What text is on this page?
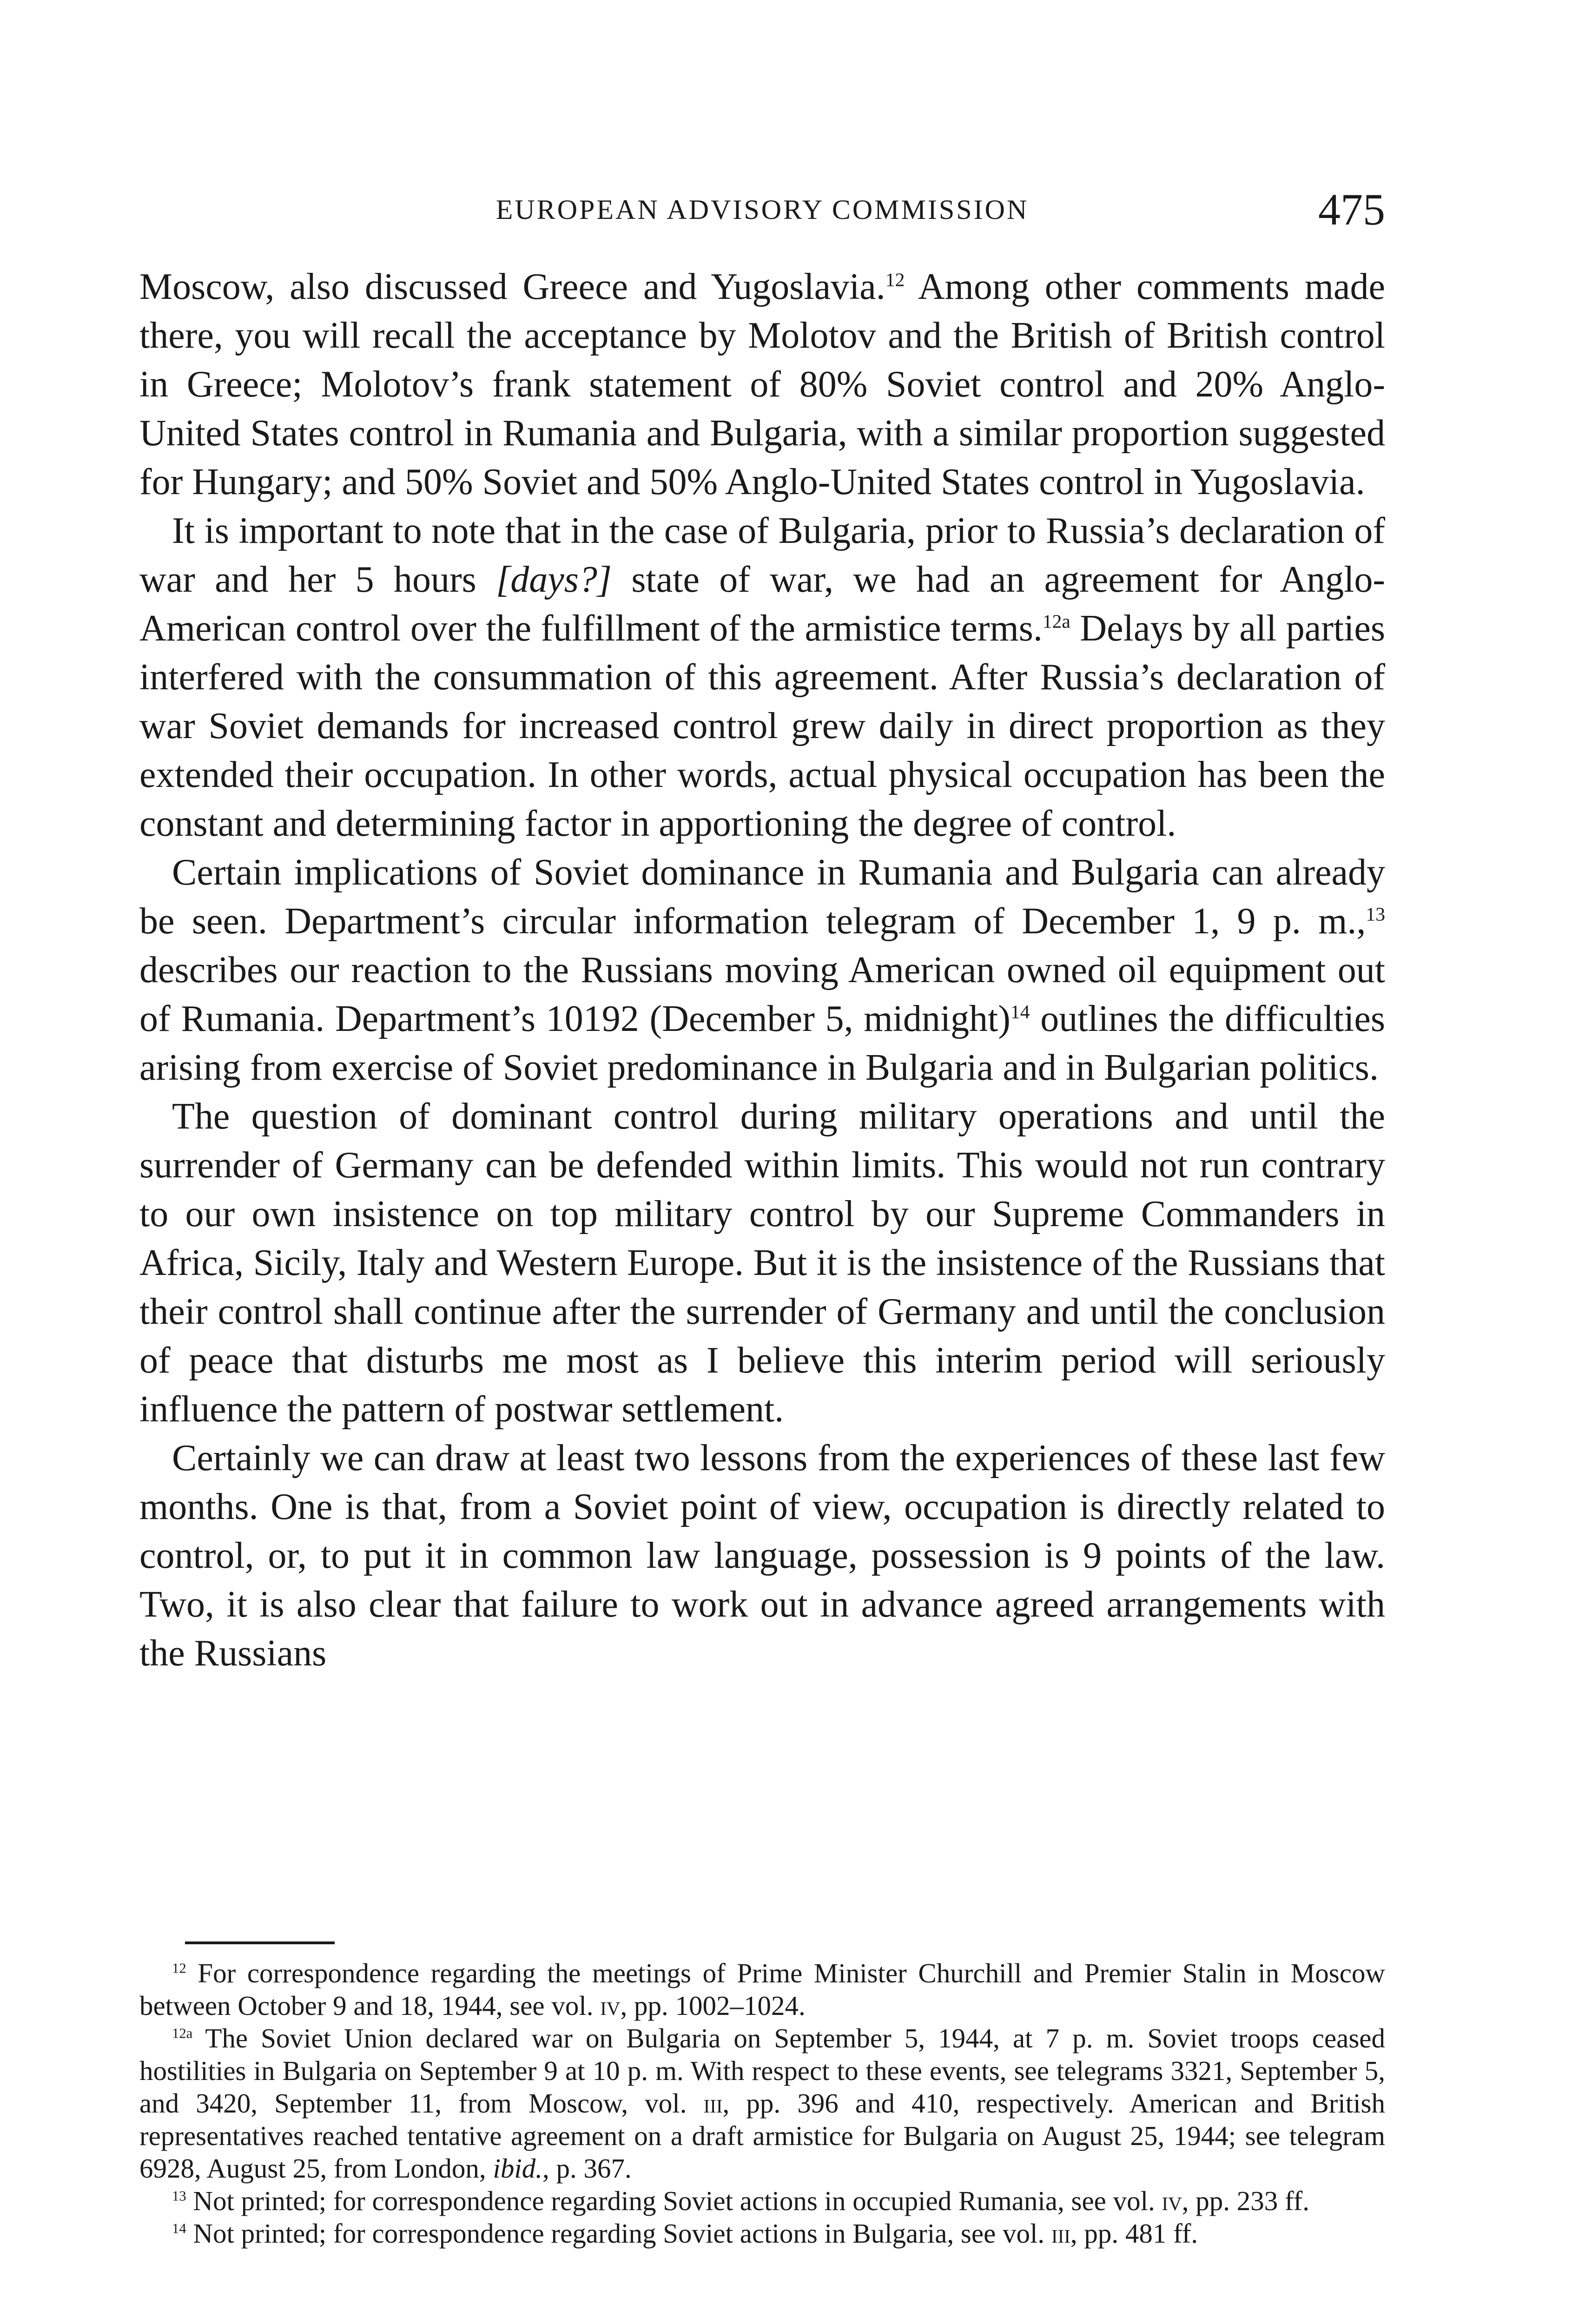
EUROPEAN ADVISORY COMMISSION	475

Moscow, also discussed Greece and Yugoslavia.$^{12}$ Among other comments made there, you will recall the acceptance by Molotov and the British of British control in Greece; Molotov’s frank statement of 80% Soviet control and 20% Anglo-United States control in Rumania and Bulgaria, with a similar proportion suggested for Hungary; and 50% Soviet and 50% Anglo-United States control in Yugoslavia.

It is important to note that in the case of Bulgaria, prior to Russia’s declaration of war and her 5 hours [days?] state of war, we had an agreement for Anglo-American control over the fulfillment of the armistice terms.$^{12a}$ Delays by all parties interfered with the consummation of this agreement. After Russia’s declaration of war Soviet demands for increased control grew daily in direct proportion as they extended their occupation. In other words, actual physical occupation has been the constant and determining factor in apportioning the degree of control.

Certain implications of Soviet dominance in Rumania and Bulgaria can already be seen. Department’s circular information telegram of December 1, 9 p. m.,$^{13}$ describes our reaction to the Russians moving American owned oil equipment out of Rumania. Department’s 10192 (December 5, midnight)$^{14}$ outlines the difficulties arising from exercise of Soviet predominance in Bulgaria and in Bulgarian politics.

The question of dominant control during military operations and until the surrender of Germany can be defended within limits. This would not run contrary to our own insistence on top military control by our Supreme Commanders in Africa, Sicily, Italy and Western Europe. But it is the insistence of the Russians that their control shall continue after the surrender of Germany and until the conclusion of peace that disturbs me most as I believe this interim period will seriously influence the pattern of postwar settlement.

Certainly we can draw at least two lessons from the experiences of these last few months. One is that, from a Soviet point of view, occupation is directly related to control, or, to put it in common law language, possession is 9 points of the law. Two, it is also clear that failure to work out in advance agreed arrangements with the Russians

$^{12}$ For correspondence regarding the meetings of Prime Minister Churchill and Premier Stalin in Moscow between October 9 and 18, 1944, see vol. iv, pp. 1002–1024.

$^{12a}$ The Soviet Union declared war on Bulgaria on September 5, 1944, at 7 p. m. Soviet troops ceased hostilities in Bulgaria on September 9 at 10 p. m. With respect to these events, see telegrams 3321, September 5, and 3420, September 11, from Moscow, vol. iii, pp. 396 and 410, respectively. American and British representatives reached tentative agreement on a draft armistice for Bulgaria on August 25, 1944; see telegram 6928, August 25, from London, ibid., p. 367.

$^{13}$ Not printed; for correspondence regarding Soviet actions in occupied Rumania, see vol. iv, pp. 233 ff.

$^{14}$ Not printed; for correspondence regarding Soviet actions in Bulgaria, see vol. iii, pp. 481 ff.
